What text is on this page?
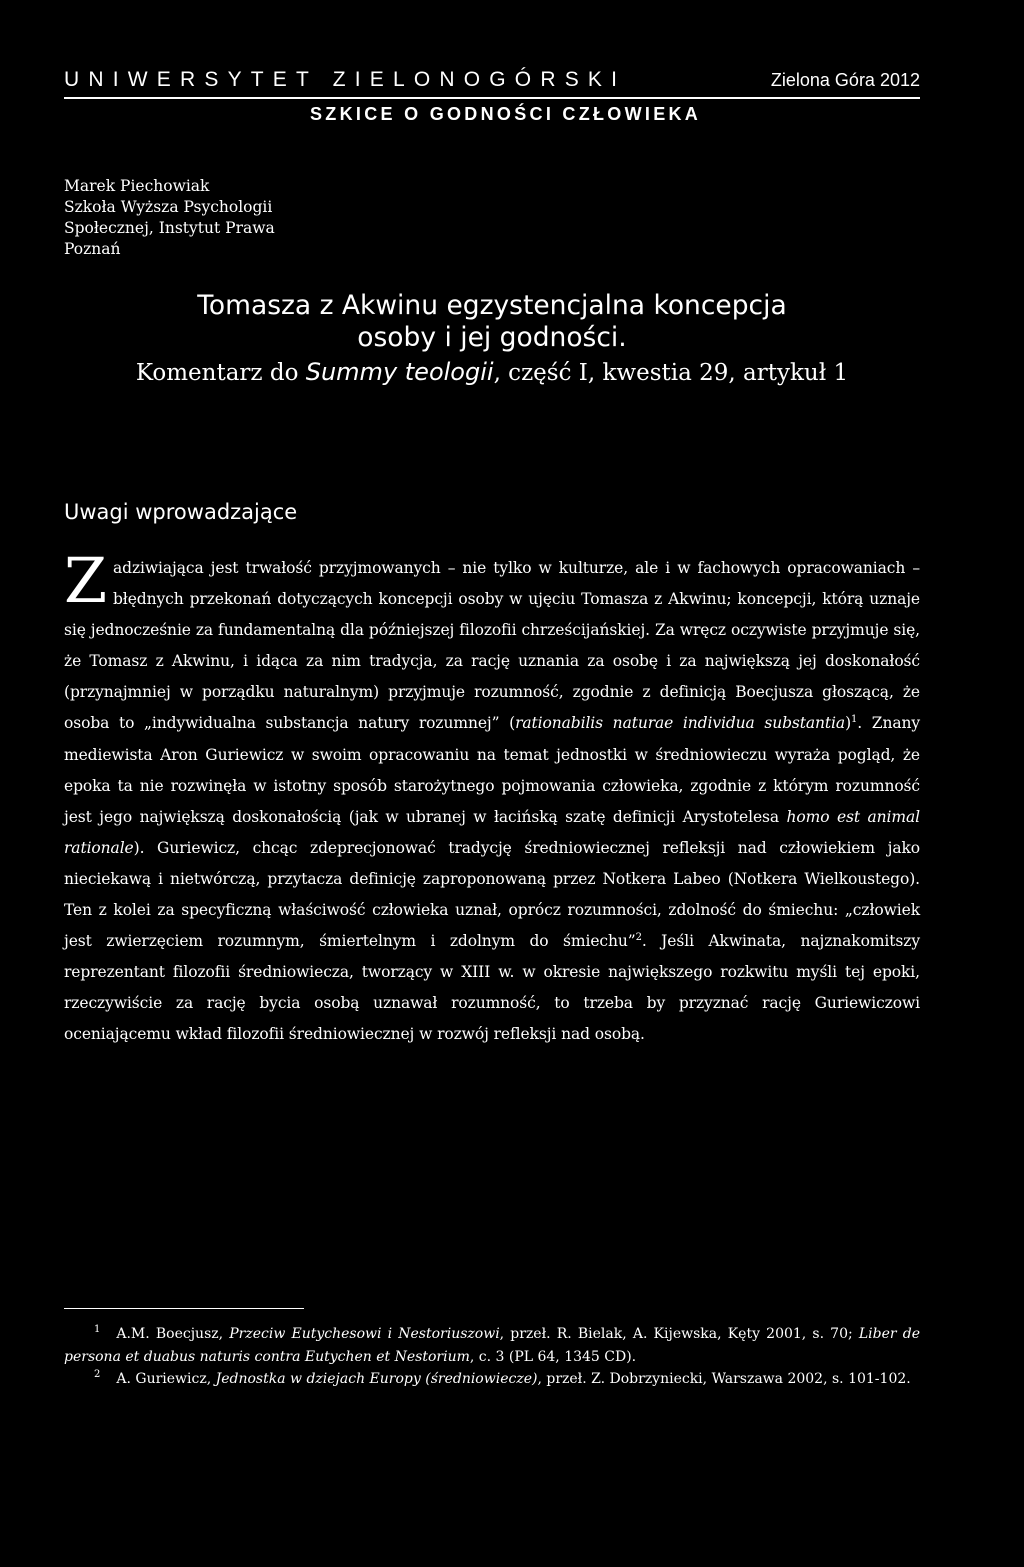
UNIWERSYTET ZIELONOGÓRSKI	Zielona Góra 2012
SZKICE O GODNOŚCI CZŁOWIEKA
Marek Piechowiak
Szkoła Wyższa Psychologii
Społecznej, Instytut Prawa
Poznań
Tomasza z Akwinu egzystencjalna koncepcja
osoby i jej godności.
Komentarz do Summy teologii, część I, kwestia 29, artykuł 1
Uwagi wprowadzające
Zadziwiająca jest trwałość przyjmowanych – nie tylko w kulturze, ale i w fachowych opracowaniach – błędnych przekonań dotyczących koncepcji osoby w ujęciu Tomasza z Akwinu; koncepcji, którą uznaje się jednocześnie za fundamentalną dla późniejszej filozofii chrześcijańskiej. Za wręcz oczywiste przyjmuje się, że Tomasz z Akwinu, i idąca za nim tradycja, za rację uznania za osobę i za największą jej doskonałość (przynajmniej w porządku naturalnym) przyjmuje rozumność, zgodnie z definicją Boecjusza głoszącą, że osoba to „indywidualna substancja natury rozumnej” (rationabilis naturae individua substantia)$^1$. Znany mediewista Aron Guriewicz w swoim opracowaniu na temat jednostki w średniowieczu wyraża pogląd, że epoka ta nie rozwinęła w istotny sposób starożytnego pojmowania człowieka, zgodnie z którym rozumność jest jego największą doskonałością (jak w ubranej w łacińską szatę definicji Arystotelesa homo est animal rationale). Guriewicz, chcąc zdeprecjonować tradycję średniowiecznej refleksji nad człowiekiem jako nieciekawą i nietwórczą, przytacza definicję zaproponowaną przez Notkera Labeo (Notkera Wielkoustego). Ten z kolei za specyficzną właściwość człowieka uznał, oprócz rozumności, zdolność do śmiechu: „człowiek jest zwierzęciem rozumnym, śmiertelnym i zdolnym do śmiechu”$^2$. Jeśli Akwinata, najznakomitszy reprezentant filozofii średniowiecza, tworzący w XIII w. w okresie największego rozkwitu myśli tej epoki, rzeczywiście za rację bycia osobą uznawał rozumność, to trzeba by przyznać rację Guriewiczowi oceniającemu wkład filozofii średniowiecznej w rozwój refleksji nad osobą.

$^1$ A.M. Boecjusz, Przeciw Eutychesowi i Nestoriuszowi, przeł. R. Bielak, A. Kijewska, Kęty 2001, s. 70; Liber de persona et duabus naturis contra Eutychen et Nestorium, c. 3 (PL 64, 1345 CD).

$^2$ A. Guriewicz, Jednostka w dziejach Europy (średniowiecze), przeł. Z. Dobrzyniecki, Warszawa 2002, s. 101-102.
